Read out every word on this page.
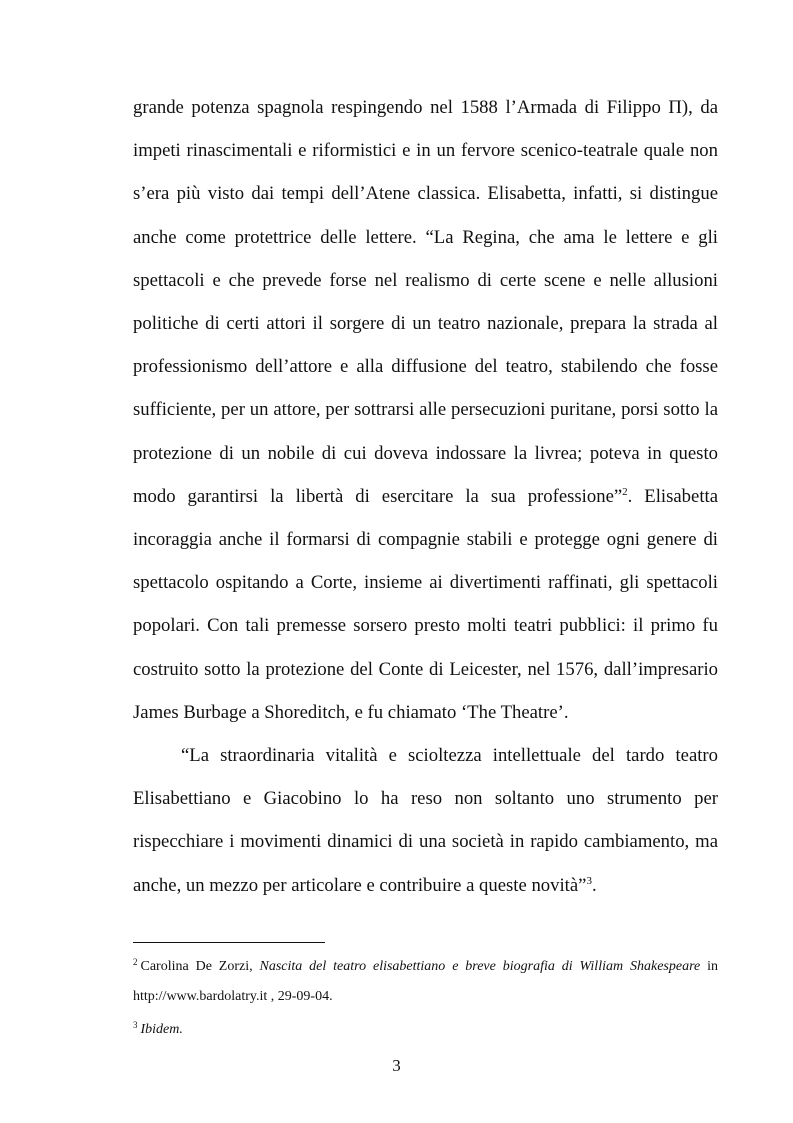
grande potenza spagnola respingendo nel 1588 l’Armada di Filippo Π), da
impeti rinascimentali e riformistici e in un fervore scenico-teatrale quale non
s’era più visto dai tempi dell’Atene classica. Elisabetta, infatti, si distingue
anche come protettrice delle lettere. “La Regina, che ama le lettere e gli
spettacoli e che prevede forse nel realismo di certe scene e nelle allusioni
politiche di certi attori il sorgere di un teatro nazionale, prepara la strada al
professionismo dell’attore e alla diffusione del teatro, stabilendo che fosse
sufficiente, per un attore, per sottrarsi alle persecuzioni puritane, porsi sotto la
protezione di un nobile di cui doveva indossare la livrea; poteva in questo
modo garantirsi la libertà di esercitare la sua professione”$^2$. Elisabetta
incoraggia anche il formarsi di compagnie stabili e protegge ogni genere di
spettacolo ospitando a Corte, insieme ai divertimenti raffinati, gli spettacoli
popolari. Con tali premesse sorsero presto molti teatri pubblici: il primo fu
costruito sotto la protezione del Conte di Leicester, nel 1576, dall’impresario
James Burbage a Shoreditch, e fu chiamato ‘The Theatre’.

“La straordinaria vitalità e scioltezza intellettuale del tardo teatro
Elisabettiano e Giacobino lo ha reso non soltanto uno strumento per
rispecchiare i movimenti dinamici di una società in rapido cambiamento, ma
anche, un mezzo per articolare e contribuire a queste novità”$^3$.

$^2$ Carolina De Zorzi, Nascita del teatro elisabettiano e breve biografia di William Shakespeare in
http://www.bardolatry.it , 29-09-04.

$^3$ Ibidem.

3
